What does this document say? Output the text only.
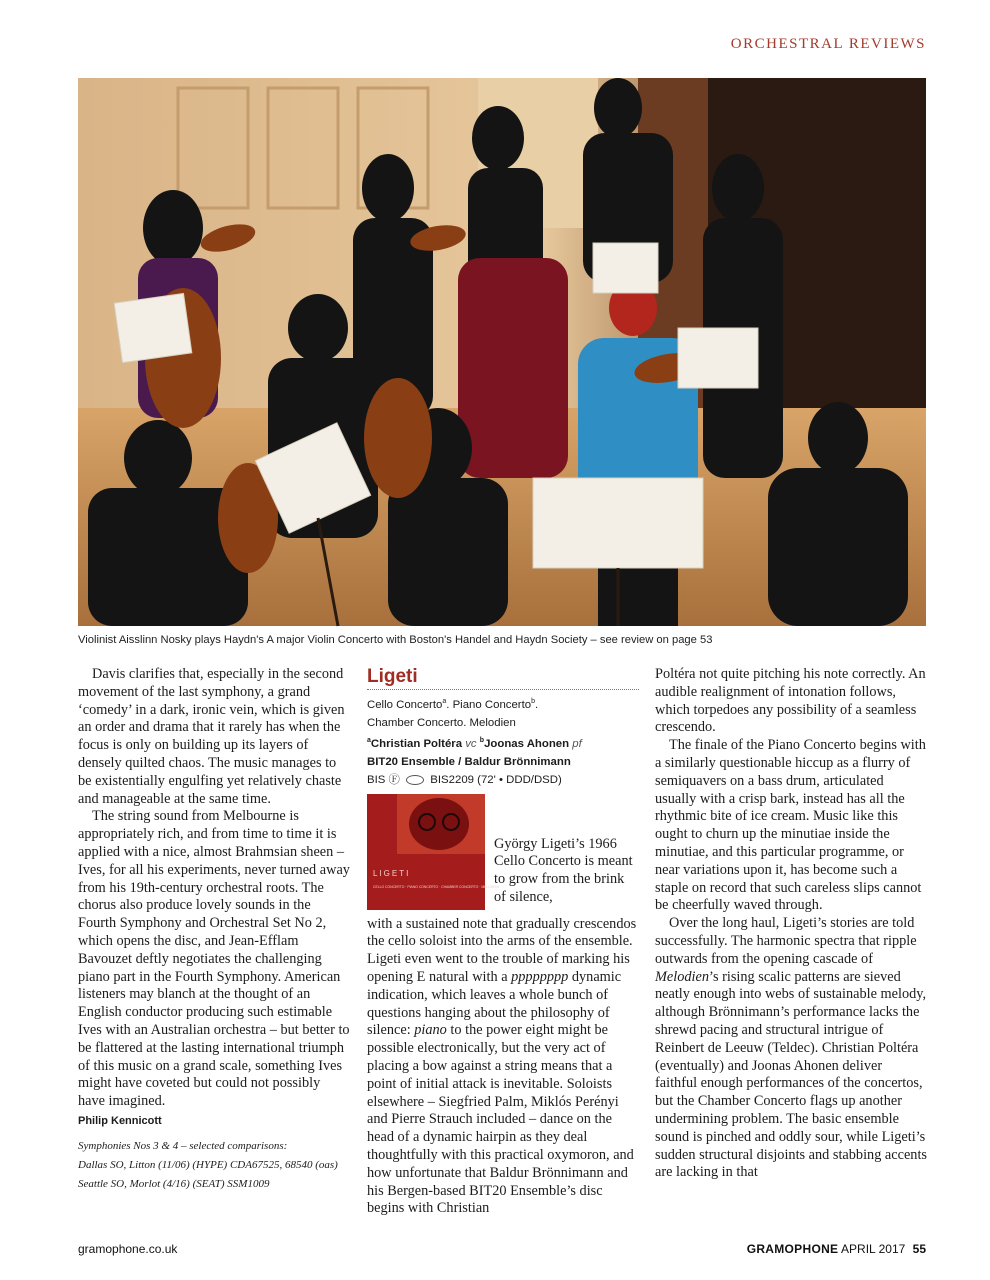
ORCHESTRAL REVIEWS
Violinist Aisslinn Nosky plays Haydn's A major Violin Concerto with Boston's Handel and Haydn Society – see review on page 53

Davis clarifies that, especially in the second movement of the last symphony, a grand ‘comedy’ in a dark, ironic vein, which is given an order and drama that it rarely has when the focus is only on building up its layers of densely quilted chaos. The music manages to be existentially engulfing yet relatively chaste and manageable at the same time.

The string sound from Melbourne is appropriately rich, and from time to time it is applied with a nice, almost Brahmsian sheen – Ives, for all his experiments, never turned away from his 19th-century orchestral roots. The chorus also produce lovely sounds in the Fourth Symphony and Orchestral Set No 2, which opens the disc, and Jean-Efflam Bavouzet deftly negotiates the challenging piano part in the Fourth Symphony. American listeners may blanch at the thought of an English conductor producing such estimable Ives with an Australian orchestra – but better to be flattered at the lasting international triumph of this music on a grand scale, something Ives might have coveted but could not possibly have imagined.

Philip Kennicott

Symphonies Nos 3 & 4 – selected comparisons:
Dallas SO, Litton (11/06) (HYPE) CDA67525, 68540 (oas)
Seattle SO, Morlot (4/16) (SEAT) SSM1009

Ligeti

Cello Concerto$^a$. Piano Concerto$^b$.
Chamber Concerto. Melodien
$^a$Christian Poltéra vc $^b$Joonas Ahonen pf
BIT20 Ensemble / Baldur Brönnimann
BIS Ⓕ	BIS2209 (72' • DDD/DSD)
LIGETI
CELLO CONCERTO · PIANO CONCERTO · CHAMBER CONCERTO · MELODIEN
György Ligeti’s 1966 Cello Concerto is meant to grow from the brink of silence,

with a sustained note that gradually crescendos the cello soloist into the arms of the ensemble. Ligeti even went to the trouble of marking his opening E natural with a pppppppp dynamic indication, which leaves a whole bunch of questions hanging about the philosophy of silence: piano to the power eight might be possible electronically, but the very act of placing a bow against a string means that a point of initial attack is inevitable. Soloists elsewhere – Siegfried Palm, Miklós Perényi and Pierre Strauch included – dance on the head of a dynamic hairpin as they deal thoughtfully with this practical oxymoron, and how unfortunate that Baldur Brönnimann and his Bergen-based BIT20 Ensemble’s disc begins with Christian

Poltéra not quite pitching his note correctly. An audible realignment of intonation follows, which torpedoes any possibility of a seamless crescendo.

The finale of the Piano Concerto begins with a similarly questionable hiccup as a flurry of semiquavers on a bass drum, articulated usually with a crisp bark, instead has all the rhythmic bite of ice cream. Music like this ought to churn up the minutiae inside the minutiae, and this particular programme, or near variations upon it, has become such a staple on record that such careless slips cannot be cheerfully waved through.

Over the long haul, Ligeti’s stories are told successfully. The harmonic spectra that ripple outwards from the opening cascade of Melodien’s rising scalic patterns are sieved neatly enough into webs of sustainable melody, although Brönnimann’s performance lacks the shrewd pacing and structural intrigue of Reinbert de Leeuw (Teldec). Christian Poltéra (eventually) and Joonas Ahonen deliver faithful enough performances of the concertos, but the Chamber Concerto flags up another undermining problem. The basic ensemble sound is pinched and oddly sour, while Ligeti’s sudden structural disjoints and stabbing accents are lacking in that

gramophone.co.uk	GRAMOPHONE APRIL 2017 55
